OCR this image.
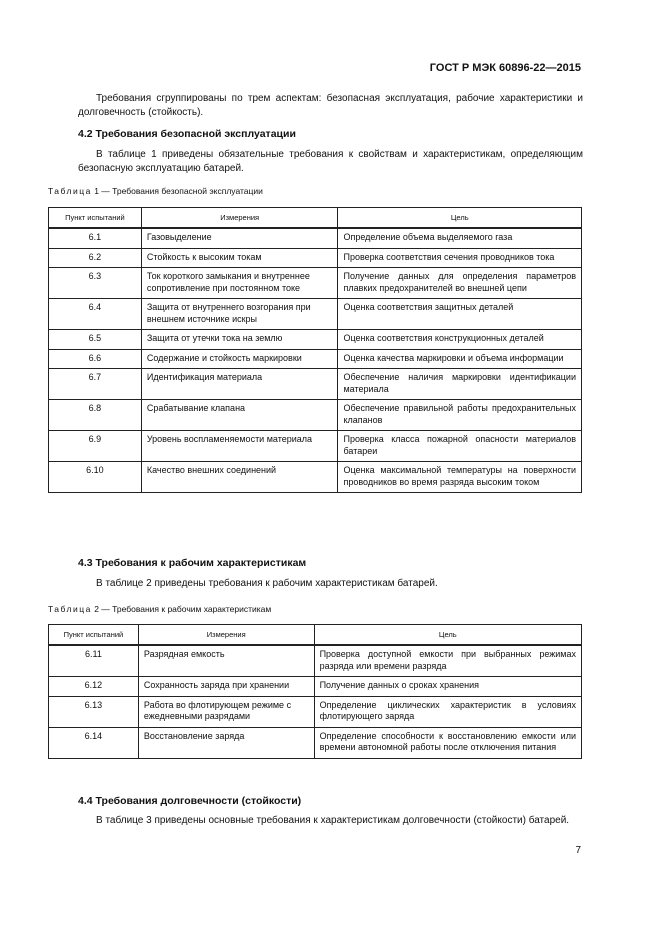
ГОСТ Р МЭК 60896-22—2015
Требования сгруппированы по трем аспектам: безопасная эксплуатация, рабочие характеристики и долговечность (стойкость).
4.2 Требования безопасной эксплуатации
В таблице 1 приведены обязательные требования к свойствам и характеристикам, определяющим безопасную эксплуатацию батарей.
Таблица 1 — Требования безопасной эксплуатации
Пункт испытаний	Измерения	Цель
6.1	Газовыделение	Определение объема выделяемого газа
6.2	Стойкость к высоким токам	Проверка соответствия сечения проводников тока
6.3	Ток короткого замыкания и внутреннее сопротивление при постоянном токе	Получение данных для определения параметров плавких предохранителей во внешней цепи
6.4	Защита от внутреннего возгорания при внешнем источнике искры	Оценка соответствия защитных деталей
6.5	Защита от утечки тока на землю	Оценка соответствия конструкционных деталей
6.6	Содержание и стойкость маркировки	Оценка качества маркировки и объема информации
6.7	Идентификация материала	Обеспечение наличия маркировки идентификации материала
6.8	Срабатывание клапана	Обеспечение правильной работы предохранительных клапанов
6.9	Уровень воспламеняемости материала	Проверка класса пожарной опасности материалов батареи
6.10	Качество внешних соединений	Оценка максимальной температуры на поверхности проводников во время разряда высоким током
4.3 Требования к рабочим характеристикам
В таблице 2 приведены требования к рабочим характеристикам батарей.
Таблица 2 — Требования к рабочим характеристикам
Пункт испытаний	Измерения	Цель
6.11	Разрядная емкость	Проверка доступной емкости при выбранных режимах разряда или времени разряда
6.12	Сохранность заряда при хранении	Получение данных о сроках хранения
6.13	Работа во флотирующем режиме с ежедневными разрядами	Определение циклических характеристик в условиях флотирующего заряда
6.14	Восстановление заряда	Определение способности к восстановлению емкости или времени автономной работы после отключения питания
4.4 Требования долговечности (стойкости)
В таблице 3 приведены основные требования к характеристикам долговечности (стойкости) батарей.
7
